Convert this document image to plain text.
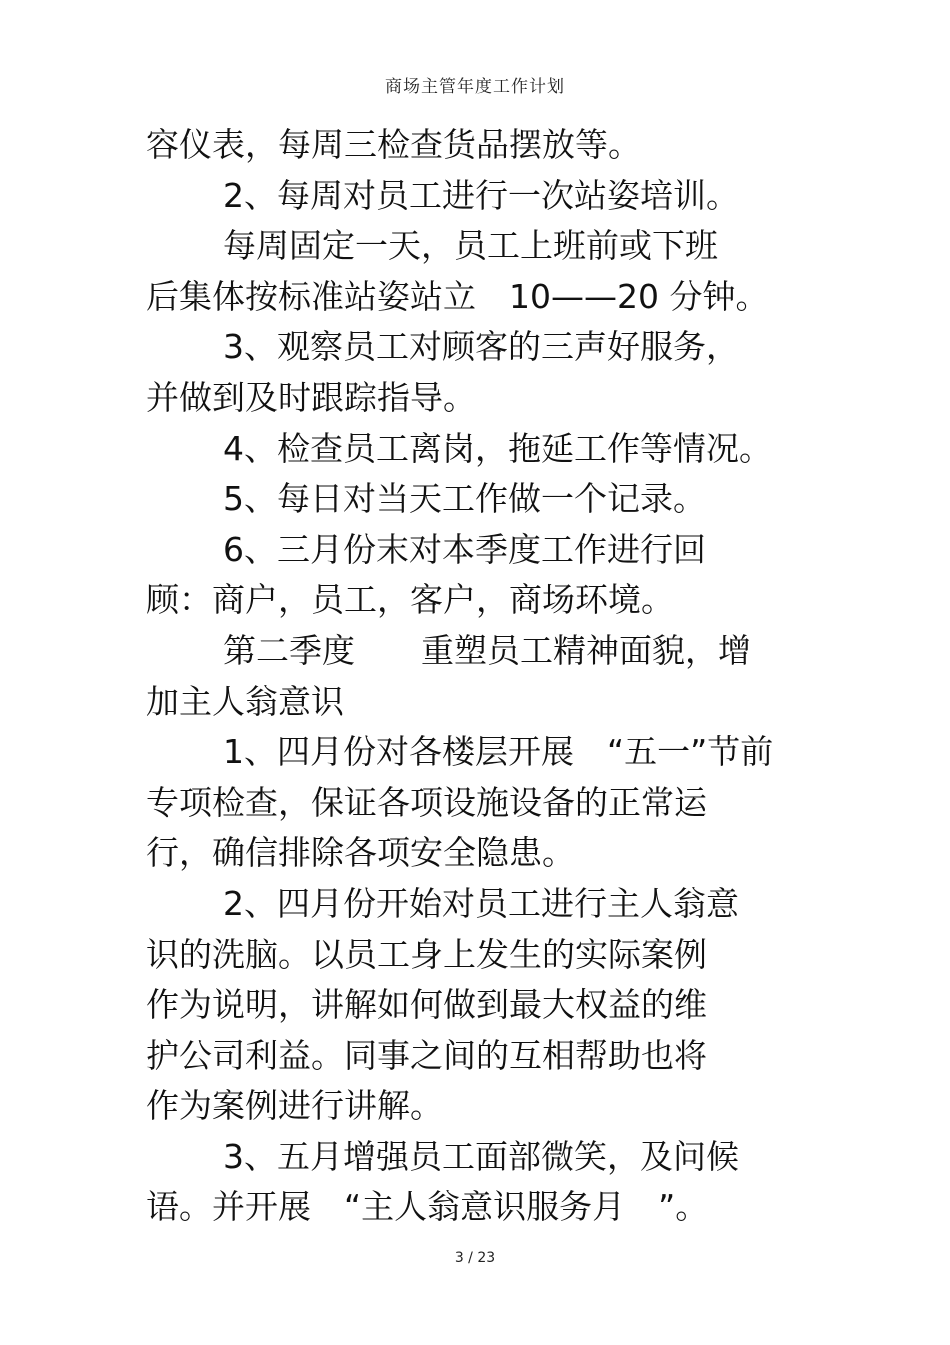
商场主管年度工作计划
容仪表，每周三检查货品摆放等。
2、每周对员工进行一次站姿培训。
每周固定一天，员工上班前或下班
后集体按标准站姿站立　10——20 分钟。
3、观察员工对顾客的三声好服务，
并做到及时跟踪指导。
4、检查员工离岗，拖延工作等情况。
5、每日对当天工作做一个记录。
6、三月份末对本季度工作进行回
顾：商户，员工，客户，商场环境。
第二季度　　重塑员工精神面貌，增
加主人翁意识
1、四月份对各楼层开展　“五一”节前
专项检查，保证各项设施设备的正常运
行，确信排除各项安全隐患。
2、四月份开始对员工进行主人翁意
识的洗脑。以员工身上发生的实际案例
作为说明，讲解如何做到最大权益的维
护公司利益。同事之间的互相帮助也将
作为案例进行讲解。
3、五月增强员工面部微笑，及问候
语。并开展　“主人翁意识服务月　”。
3 / 23
